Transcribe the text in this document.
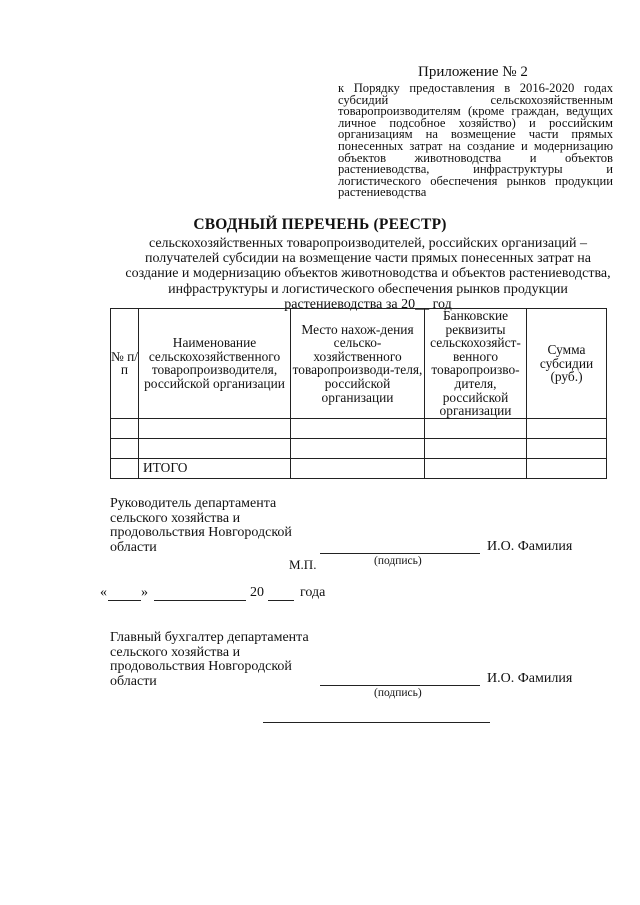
Приложение № 2
к Порядку предоставления в 2016-2020 годах субсидий сельскохозяйственным товаропроизводителям (кроме граждан, ведущих личное подсобное хозяйство) и российским организациям на возмещение части прямых понесенных затрат на создание и модернизацию объектов животноводства и объектов растениеводства, инфраструктуры и логистического обеспечения рынков продукции растениеводства
СВОДНЫЙ ПЕРЕЧЕНЬ (РЕЕСТР)
сельскохозяйственных товаропроизводителей, российских организаций – получателей субсидии на возмещение части прямых понесенных затрат на создание и модернизацию объектов животноводства и объектов растениеводства, инфраструктуры и логистического обеспечения рынков продукции растениеводства за 20__ год
№ п/п	Наименование сельскохозяйственного товаропроизводителя, российской организации	Место нахож-дения сельско-хозяйственного товаропроизводи-теля, российской организации	Банковские реквизиты сельскохозяйст-венного товаропроизво-дителя, российской организации	Сумма субсидии (руб.)

	ИТОГО			
Руководитель департамента сельского хозяйства и продовольствия Новгородской области	И.О. Фамилия
(подпись)
М.П.
« »	20	года
Главный бухгалтер департамента сельского хозяйства и продовольствия Новгородской области	И.О. Фамилия
(подпись)
